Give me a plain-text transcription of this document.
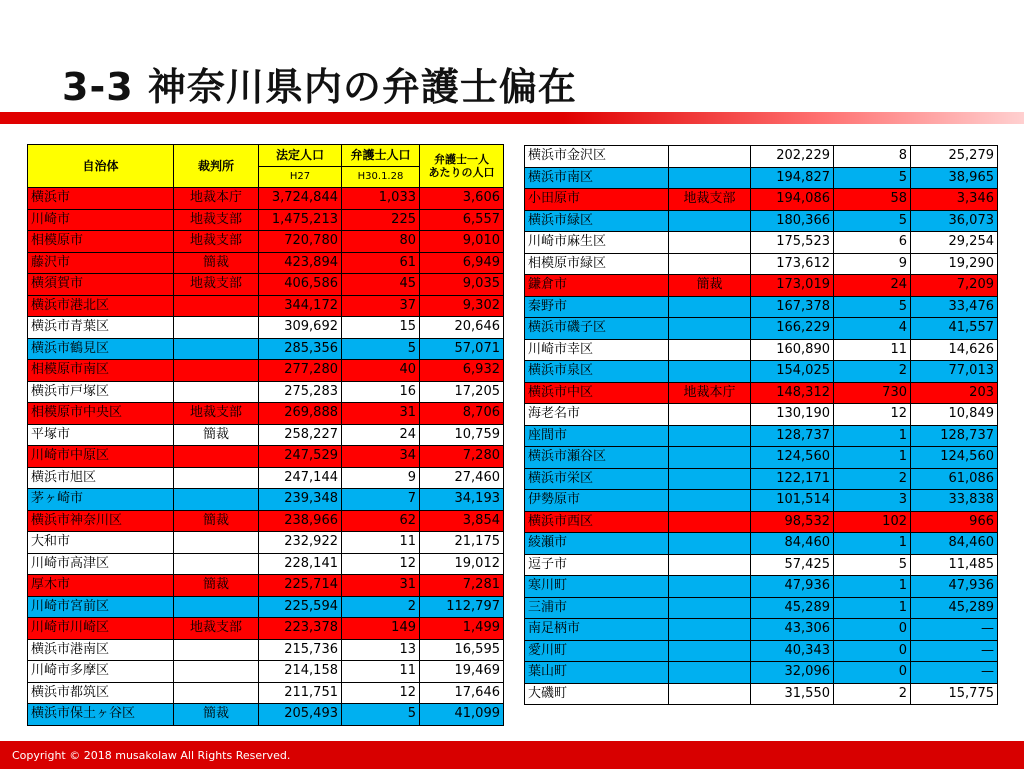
3-3 神奈川県内の弁護士偏在
自治体	裁判所	法定人口	弁護士人口	弁護士一人
あたりの人口
		H27	H30.1.28	
横浜市	地裁本庁	3,724,844	1,033	3,606
川崎市	地裁支部	1,475,213	225	6,557
相模原市	地裁支部	720,780	80	9,010
藤沢市	簡裁	423,894	61	6,949
横須賀市	地裁支部	406,586	45	9,035
横浜市港北区		344,172	37	9,302
横浜市青葉区		309,692	15	20,646
横浜市鶴見区		285,356	5	57,071
相模原市南区		277,280	40	6,932
横浜市戸塚区		275,283	16	17,205
相模原市中央区	地裁支部	269,888	31	8,706
平塚市	簡裁	258,227	24	10,759
川崎市中原区		247,529	34	7,280
横浜市旭区		247,144	9	27,460
茅ヶ崎市		239,348	7	34,193
横浜市神奈川区	簡裁	238,966	62	3,854
大和市		232,922	11	21,175
川崎市高津区		228,141	12	19,012
厚木市	簡裁	225,714	31	7,281
川崎市宮前区		225,594	2	112,797
川崎市川崎区	地裁支部	223,378	149	1,499
横浜市港南区		215,736	13	16,595
川崎市多摩区		214,158	11	19,469
横浜市都筑区		211,751	12	17,646
横浜市保土ヶ谷区	簡裁	205,493	5	41,099
横浜市金沢区		202,229	8	25,279
横浜市南区		194,827	5	38,965
小田原市	地裁支部	194,086	58	3,346
横浜市緑区		180,366	5	36,073
川崎市麻生区		175,523	6	29,254
相模原市緑区		173,612	9	19,290
鎌倉市	簡裁	173,019	24	7,209
秦野市		167,378	5	33,476
横浜市磯子区		166,229	4	41,557
川崎市幸区		160,890	11	14,626
横浜市泉区		154,025	2	77,013
横浜市中区	地裁本庁	148,312	730	203
海老名市		130,190	12	10,849
座間市		128,737	1	128,737
横浜市瀬谷区		124,560	1	124,560
横浜市栄区		122,171	2	61,086
伊勢原市		101,514	3	33,838
横浜市西区		98,532	102	966
綾瀬市		84,460	1	84,460
逗子市		57,425	5	11,485
寒川町		47,936	1	47,936
三浦市		45,289	1	45,289
南足柄市		43,306	0	—
愛川町		40,343	0	—
葉山町		32,096	0	—
大磯町		31,550	2	15,775
Copyright © 2018 musakolaw All Rights Reserved.
